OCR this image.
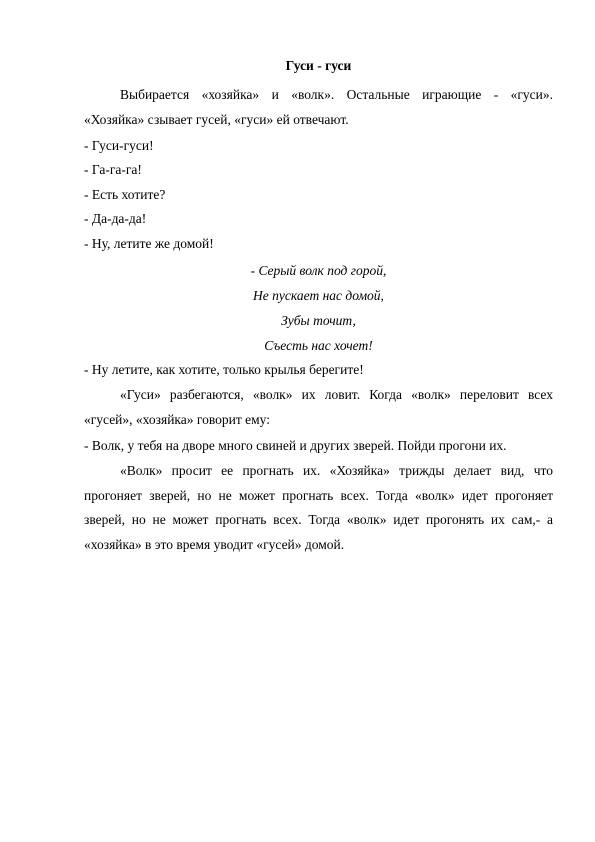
Гуси - гуси
Выбирается «хозяйка» и «волк». Остальные играющие - «гуси». «Хозяйка» сзывает гусей, «гуси» ей отвечают.
- Гуси-гуси!
- Га-га-га!
- Есть хотите?
- Да-да-да!
- Ну, летите же домой!
- Серый волк под горой,
Не пускает нас домой,
Зубы точит,
Съесть нас хочет!
- Ну летите, как хотите, только крылья берегите!
«Гуси» разбегаются, «волк» их ловит. Когда «волк» переловит всех «гусей», «хозяйка» говорит ему:
- Волк, у тебя на дворе много свиней и других зверей. Пойди прогони их.
«Волк» просит ее прогнать их. «Хозяйка» трижды делает вид, что прогоняет зверей, но не может прогнать всех. Тогда «волк» идет прогоняет зверей, но не может прогнать всех. Тогда «волк» идет прогонять их сам,- а «хозяйка» в это время уводит «гусей» домой.
